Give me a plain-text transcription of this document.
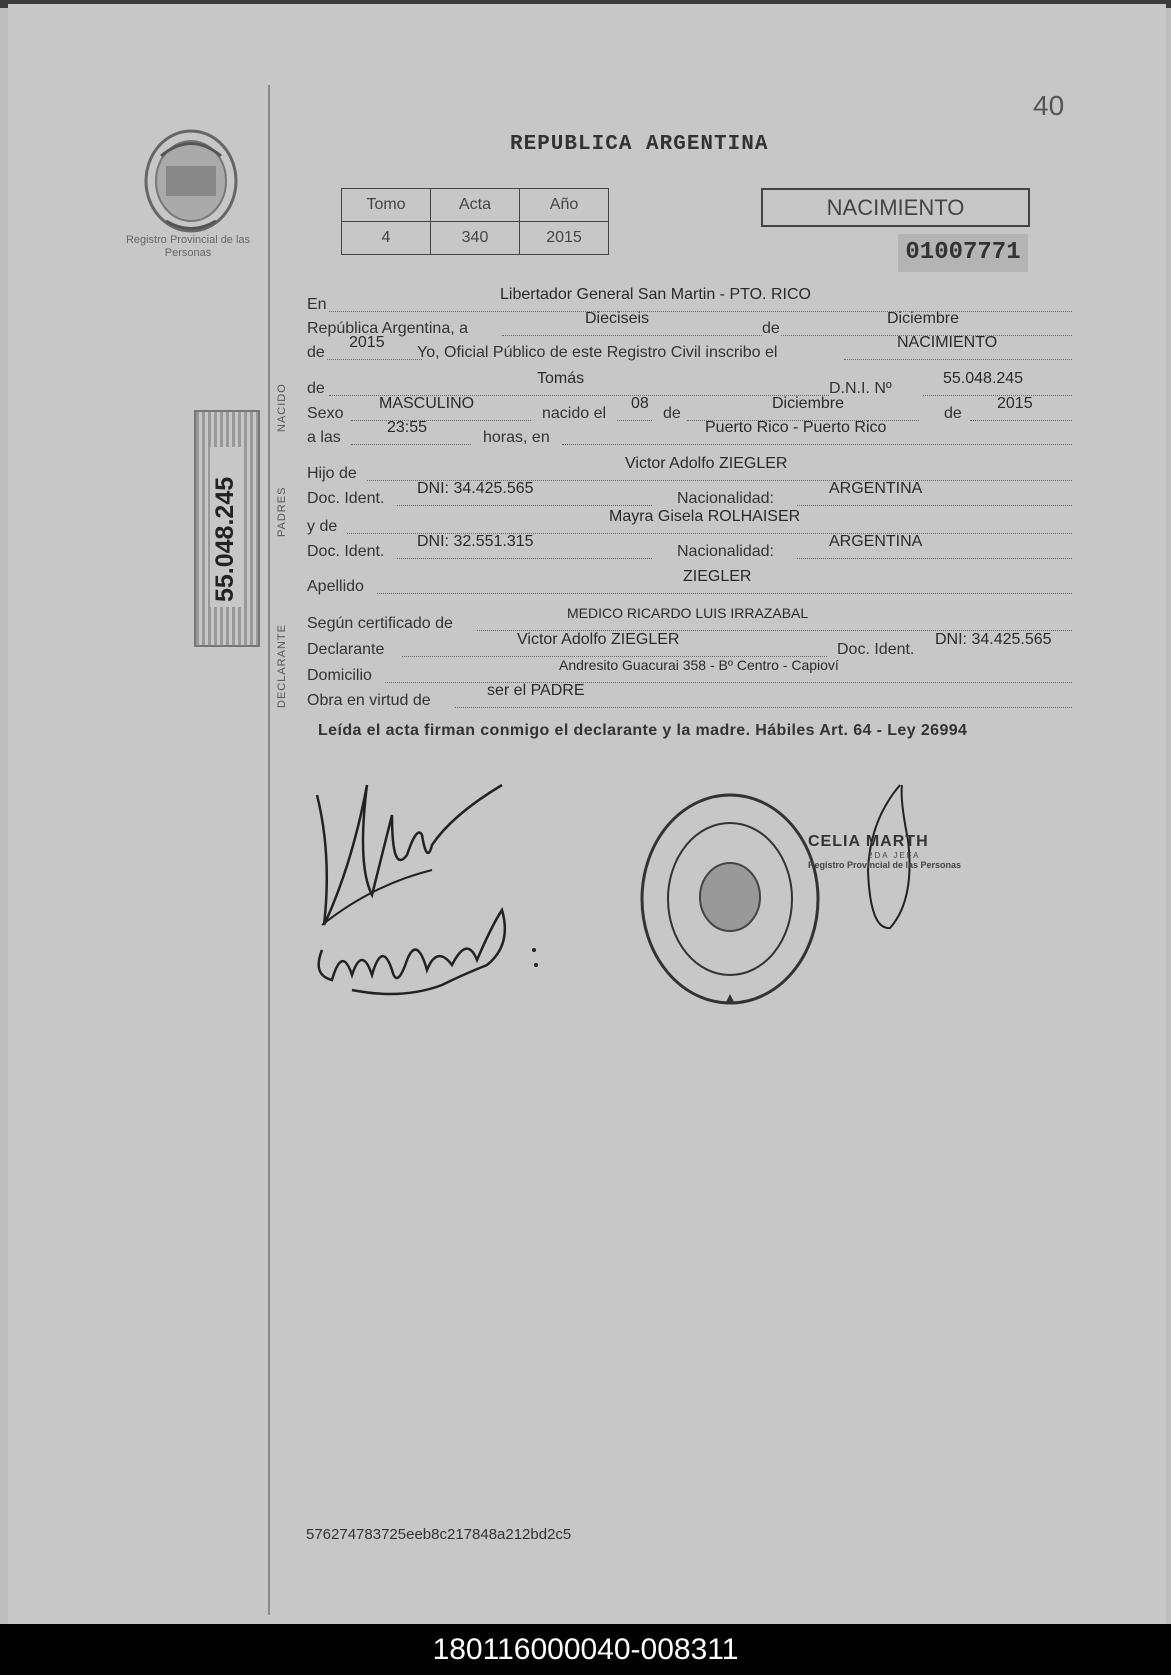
40
REPUBLICA ARGENTINA
Registro Provincial de las Personas
Tomo	Acta	Año
4	340	2015
NACIMIENTO
01007771
55.048.245
NACIDO
PADRES
DECLARANTE
En
Libertador General San Martin - PTO. RICO
República Argentina, a
Dieciseis
de
Diciembre
de
2015
Yo, Oficial Público de este Registro Civil inscribo el
NACIMIENTO
de
Tomás
D.N.I. Nº
55.048.245
Sexo
MASCULINO
nacido el
08
de
Diciembre
de
2015
a las
23:55
horas, en
Puerto Rico - Puerto Rico
Hijo de
Victor Adolfo ZIEGLER
Doc. Ident.
DNI: 34.425.565
Nacionalidad:
ARGENTINA
y de
Mayra Gisela ROLHAISER
Doc. Ident.
DNI: 32.551.315
Nacionalidad:
ARGENTINA
Apellido
ZIEGLER
Según certificado de
MEDICO RICARDO LUIS IRRAZABAL
Declarante
Victor Adolfo ZIEGLER
Doc. Ident.
DNI: 34.425.565
Domicilio
Andresito Guacurai 358 - Bº Centro - Capioví
Obra en virtud de
ser el PADRE
Leída el acta firman conmigo el declarante y la madre. Hábiles Art. 64 - Ley 26994
CELIA MARTH
2DA JEFA
Registro Provincial de las Personas
576274783725eeb8c217848a212bd2c5
180116000040-008311
